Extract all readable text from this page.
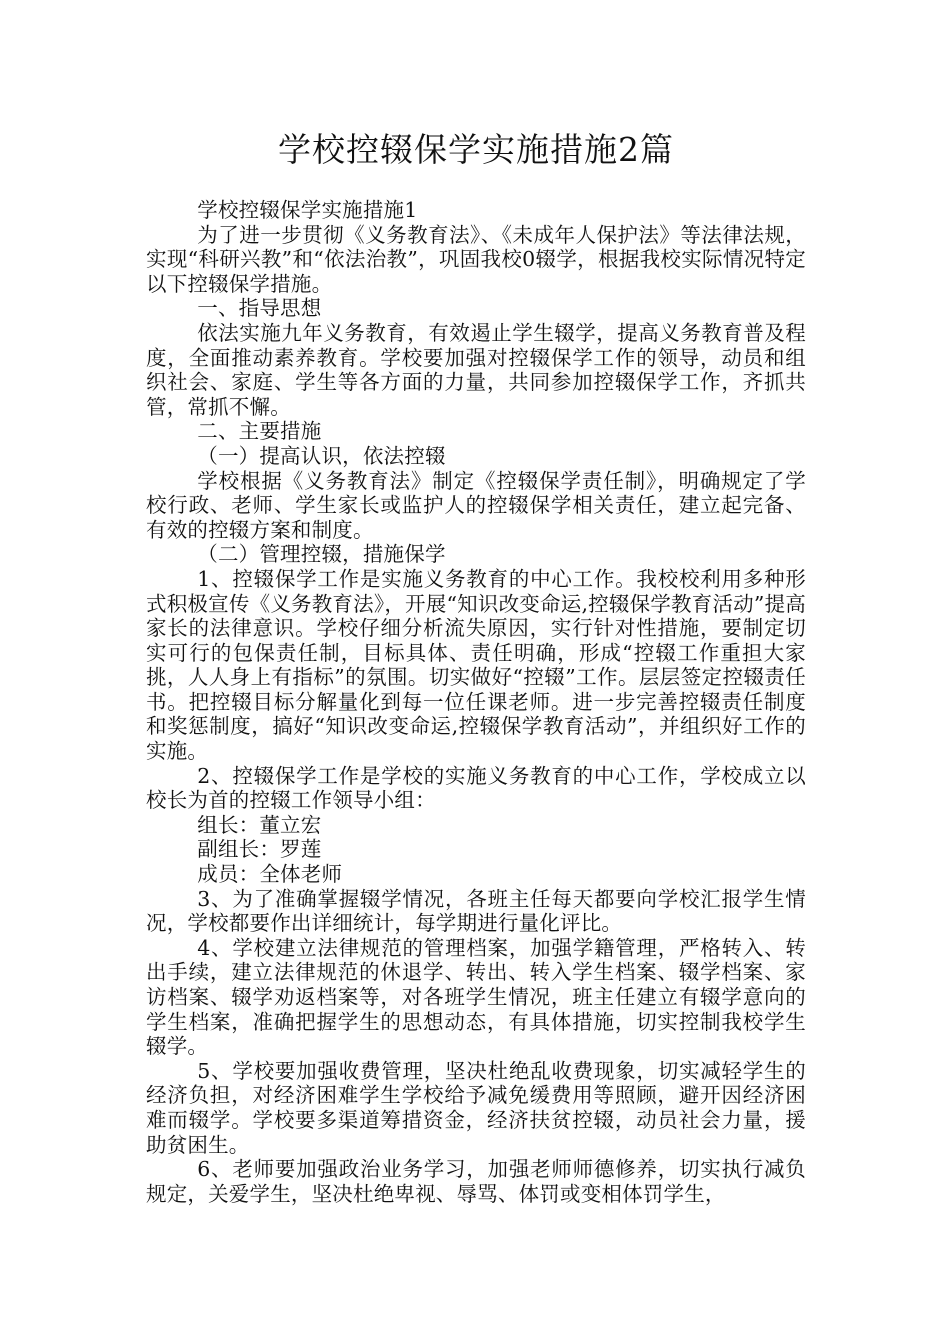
学校控辍保学实施措施2篇

学校控辍保学实施措施1

为了进一步贯彻《义务教育法》、《未成年人保护法》等法律法规，实现“科研兴教”和“依法治教”，巩固我校0辍学，根据我校实际情况特定以下控辍保学措施。

一、指导思想

依法实施九年义务教育，有效遏止学生辍学，提高义务教育普及程度，全面推动素养教育。学校要加强对控辍保学工作的领导，动员和组织社会、家庭、学生等各方面的力量，共同参加控辍保学工作，齐抓共管，常抓不懈。

二、主要措施

（一）提高认识，依法控辍

学校根据《义务教育法》制定《控辍保学责任制》，明确规定了学校行政、老师、学生家长或监护人的控辍保学相关责任，建立起完备、有效的控辍方案和制度。

（二）管理控辍，措施保学

1、控辍保学工作是实施义务教育的中心工作。我校校利用多种形式积极宣传《义务教育法》，开展“知识改变命运,控辍保学教育活动”提高家长的法律意识。学校仔细分析流失原因，实行针对性措施，要制定切实可行的包保责任制，目标具体、责任明确，形成“控辍工作重担大家挑，人人身上有指标”的氛围。切实做好“控辍”工作。层层签定控辍责任书。把控辍目标分解量化到每一位任课老师。进一步完善控辍责任制度和奖惩制度，搞好“知识改变命运,控辍保学教育活动”，并组织好工作的实施。

2、控辍保学工作是学校的实施义务教育的中心工作，学校成立以校长为首的控辍工作领导小组：

组长：董立宏

副组长：罗莲

成员：全体老师

3、为了准确掌握辍学情况，各班主任每天都要向学校汇报学生情况，学校都要作出详细统计，每学期进行量化评比。

4、学校建立法律规范的管理档案，加强学籍管理，严格转入、转出手续，建立法律规范的休退学、转出、转入学生档案、辍学档案、家访档案、辍学劝返档案等，对各班学生情况，班主任建立有辍学意向的学生档案，准确把握学生的思想动态，有具体措施，切实控制我校学生辍学。

5、学校要加强收费管理，坚决杜绝乱收费现象，切实减轻学生的经济负担，对经济困难学生学校给予减免缓费用等照顾，避开因经济困难而辍学。学校要多渠道筹措资金，经济扶贫控辍，动员社会力量，援助贫困生。

6、老师要加强政治业务学习，加强老师师德修养，切实执行减负规定，关爱学生，坚决杜绝卑视、辱骂、体罚或变相体罚学生，
